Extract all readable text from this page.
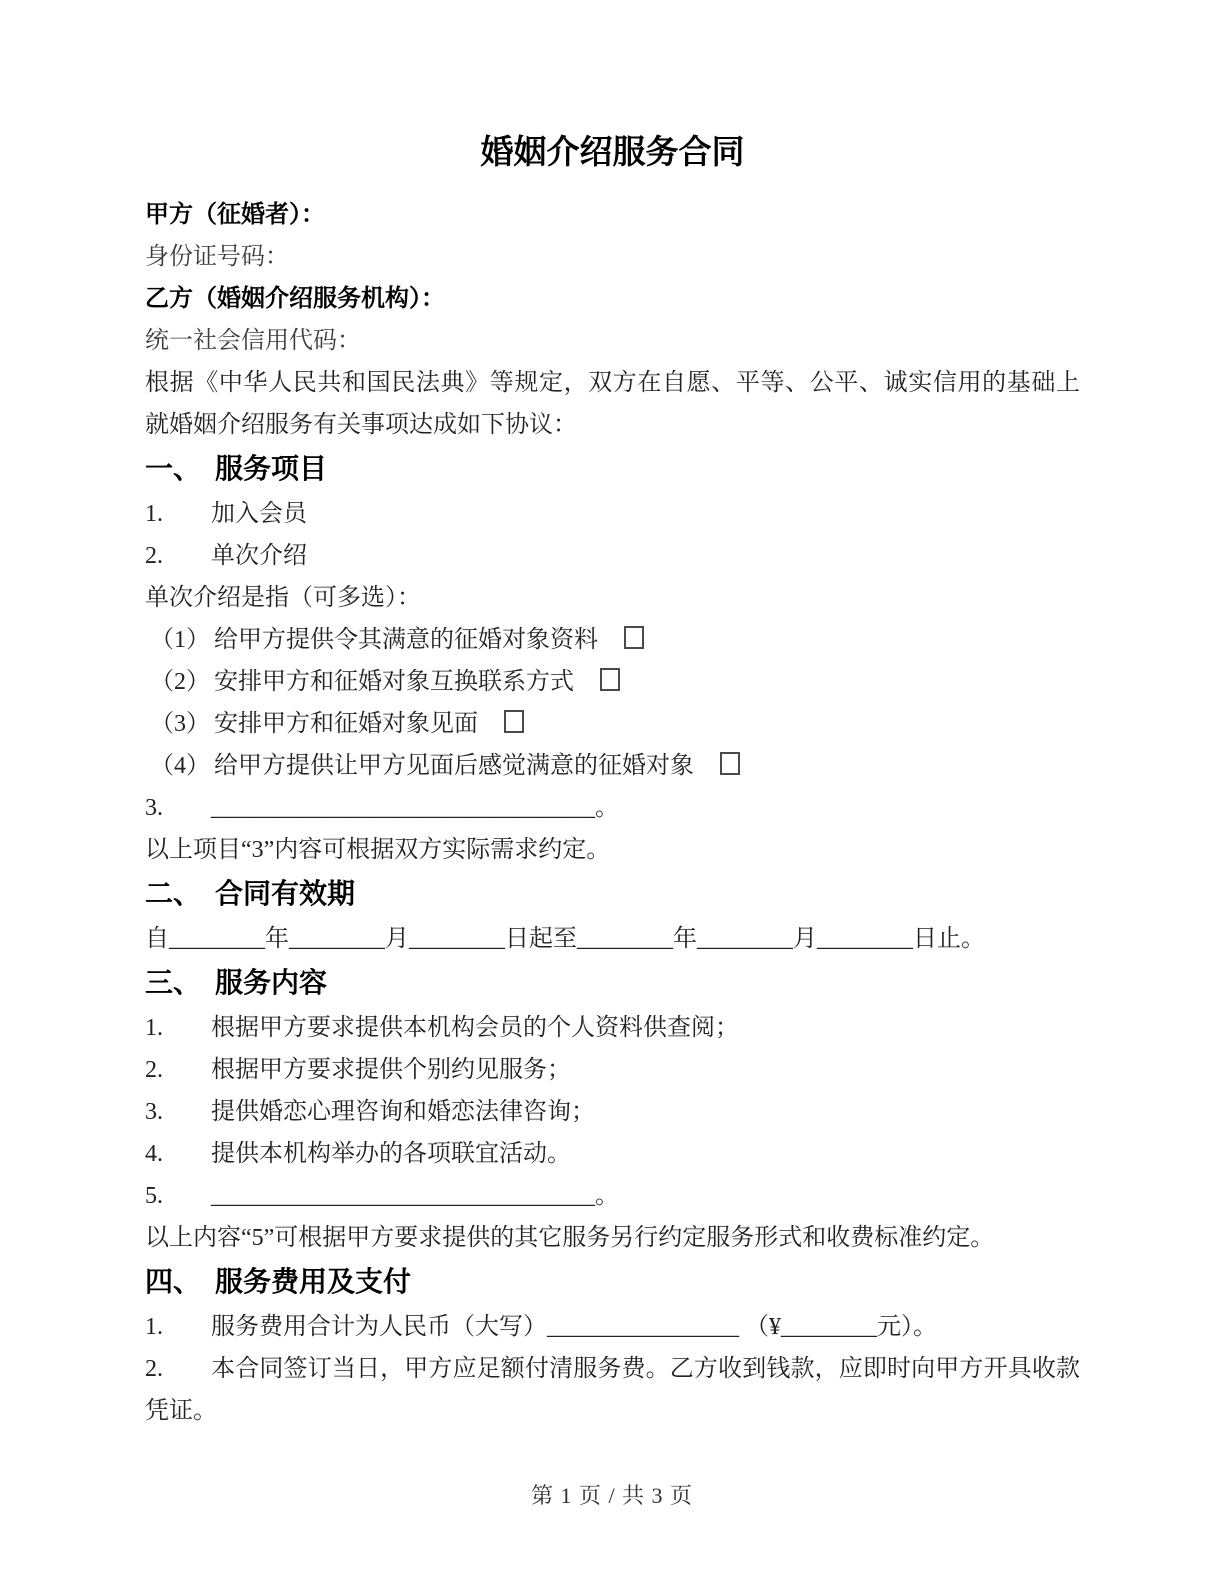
婚姻介绍服务合同

甲方（征婚者）：

身份证号码：

乙方（婚姻介绍服务机构）：

统一社会信用代码：

根据《中华人民共和国民法典》等规定，双方在自愿、平等、公平、诚实信用的基础上就婚姻介绍服务有关事项达成如下协议：

一、 服务项目

1. 加入会员

2. 单次介绍

单次介绍是指（可多选）：

（1） 给甲方提供令其满意的征婚对象资料

（2） 安排甲方和征婚对象互换联系方式

（3） 安排甲方和征婚对象见面

（4） 给甲方提供让甲方见面后感觉满意的征婚对象

3. ________________________________。

以上项目“3”内容可根据双方实际需求约定。

二、 合同有效期

自________年________月________日起至________年________月________日止。

三、 服务内容

1. 根据甲方要求提供本机构会员的个人资料供查阅；

2. 根据甲方要求提供个别约见服务；

3. 提供婚恋心理咨询和婚恋法律咨询；

4. 提供本机构举办的各项联宜活动。

5. ________________________________。

以上内容“5”可根据甲方要求提供的其它服务另行约定服务形式和收费标准约定。

四、 服务费用及支付

1. 服务费用合计为人民币（大写）________________ （¥________元）。

2. 本合同签订当日，甲方应足额付清服务费。乙方收到钱款，应即时向甲方开具收款凭证。

第 1 页 / 共 3 页
